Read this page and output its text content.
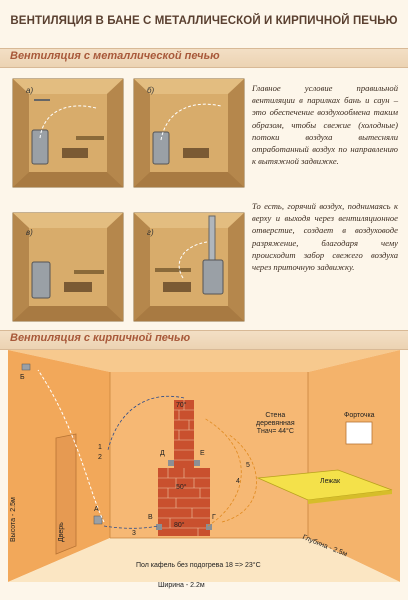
ВЕНТИЛЯЦИЯ В БАНЕ С МЕТАЛЛИЧЕСКОЙ И КИРПИЧНОЙ ПЕЧЬЮ
Вентиляция с металлической печью
а)	б)
в)	г)
Главное условие правильной вентиляции в парилках бань и саун – это обеспечение воздухообмена таким образом, чтобы свежие (холодные) потоки воздуха вытесняли отработанный воздух по направлению к вытяжной задвижке.
То есть, горячий воздух, поднимаясь к верху и выходя через вентиляционное отверстие, создает в воздуховоде разряжение, благодаря чему происходит забор свежего воздуха через приточную задвижку.
Вентиляция с кирпичной печью
Б
А
В	Г
Д	Е
70°
50°
80°
1
2
3
4
5
Дверь
Стена
деревянная
Тнач= 44°С
Форточка
Лежак
Высота - 2.5м
Глубина - 2.5м
Пол кафель без подогрева 18 => 23°С
Ширина - 2.2м
